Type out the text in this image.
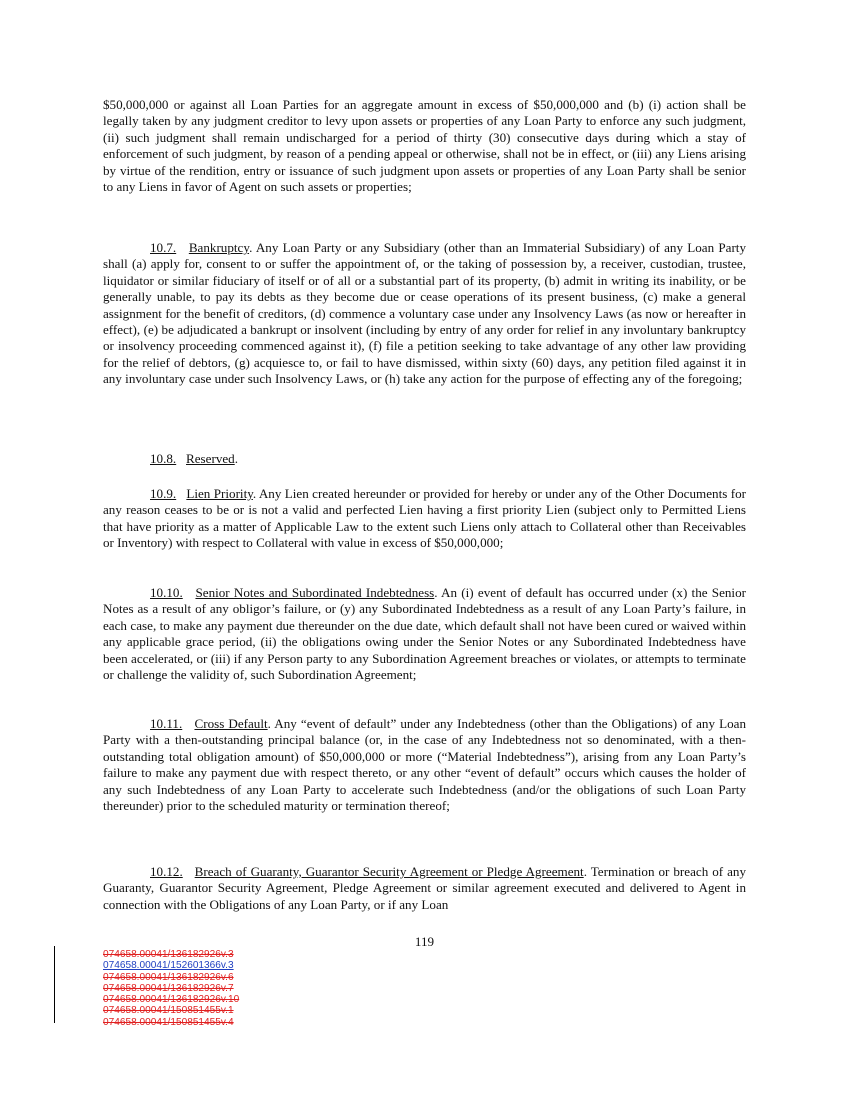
$50,000,000 or against all Loan Parties for an aggregate amount in excess of $50,000,000 and (b) (i) action shall be legally taken by any judgment creditor to levy upon assets or properties of any Loan Party to enforce any such judgment, (ii) such judgment shall remain undischarged for a period of thirty (30) consecutive days during which a stay of enforcement of such judgment, by reason of a pending appeal or otherwise, shall not be in effect, or (iii) any Liens arising by virtue of the rendition, entry or issuance of such judgment upon assets or properties of any Loan Party shall be senior to any Liens in favor of Agent on such assets or properties;

10.7. Bankruptcy. Any Loan Party or any Subsidiary (other than an Immaterial Subsidiary) of any Loan Party shall (a) apply for, consent to or suffer the appointment of, or the taking of possession by, a receiver, custodian, trustee, liquidator or similar fiduciary of itself or of all or a substantial part of its property, (b) admit in writing its inability, or be generally unable, to pay its debts as they become due or cease operations of its present business, (c) make a general assignment for the benefit of creditors, (d) commence a voluntary case under any Insolvency Laws (as now or hereafter in effect), (e) be adjudicated a bankrupt or insolvent (including by entry of any order for relief in any involuntary bankruptcy or insolvency proceeding commenced against it), (f) file a petition seeking to take advantage of any other law providing for the relief of debtors, (g) acquiesce to, or fail to have dismissed, within sixty (60) days, any petition filed against it in any involuntary case under such Insolvency Laws, or (h) take any action for the purpose of effecting any of the foregoing;

10.8. Reserved.

10.9. Lien Priority. Any Lien created hereunder or provided for hereby or under any of the Other Documents for any reason ceases to be or is not a valid and perfected Lien having a first priority Lien (subject only to Permitted Liens that have priority as a matter of Applicable Law to the extent such Liens only attach to Collateral other than Receivables or Inventory) with respect to Collateral with value in excess of $50,000,000;

10.10. Senior Notes and Subordinated Indebtedness. An (i) event of default has occurred under (x) the Senior Notes as a result of any obligor’s failure, or (y) any Subordinated Indebtedness as a result of any Loan Party’s failure, in each case, to make any payment due thereunder on the due date, which default shall not have been cured or waived within any applicable grace period, (ii) the obligations owing under the Senior Notes or any Subordinated Indebtedness have been accelerated, or (iii) if any Person party to any Subordination Agreement breaches or violates, or attempts to terminate or challenge the validity of, such Subordination Agreement;

10.11. Cross Default. Any “event of default” under any Indebtedness (other than the Obligations) of any Loan Party with a then-outstanding principal balance (or, in the case of any Indebtedness not so denominated, with a then-outstanding total obligation amount) of $50,000,000 or more (“Material Indebtedness”), arising from any Loan Party’s failure to make any payment due with respect thereto, or any other “event of default” occurs which causes the holder of any such Indebtedness of any Loan Party to accelerate such Indebtedness (and/or the obligations of such Loan Party thereunder) prior to the scheduled maturity or termination thereof;

10.12. Breach of Guaranty, Guarantor Security Agreement or Pledge Agreement. Termination or breach of any Guaranty, Guarantor Security Agreement, Pledge Agreement or similar agreement executed and delivered to Agent in connection with the Obligations of any Loan Party, or if any Loan

119
074658.00041/136182926v.3
074658.00041/152601366v.3
074658.00041/136182926v.6
074658.00041/136182926v.7
074658.00041/136182926v.10
074658.00041/150851455v.1
074658.00041/150851455v.4
